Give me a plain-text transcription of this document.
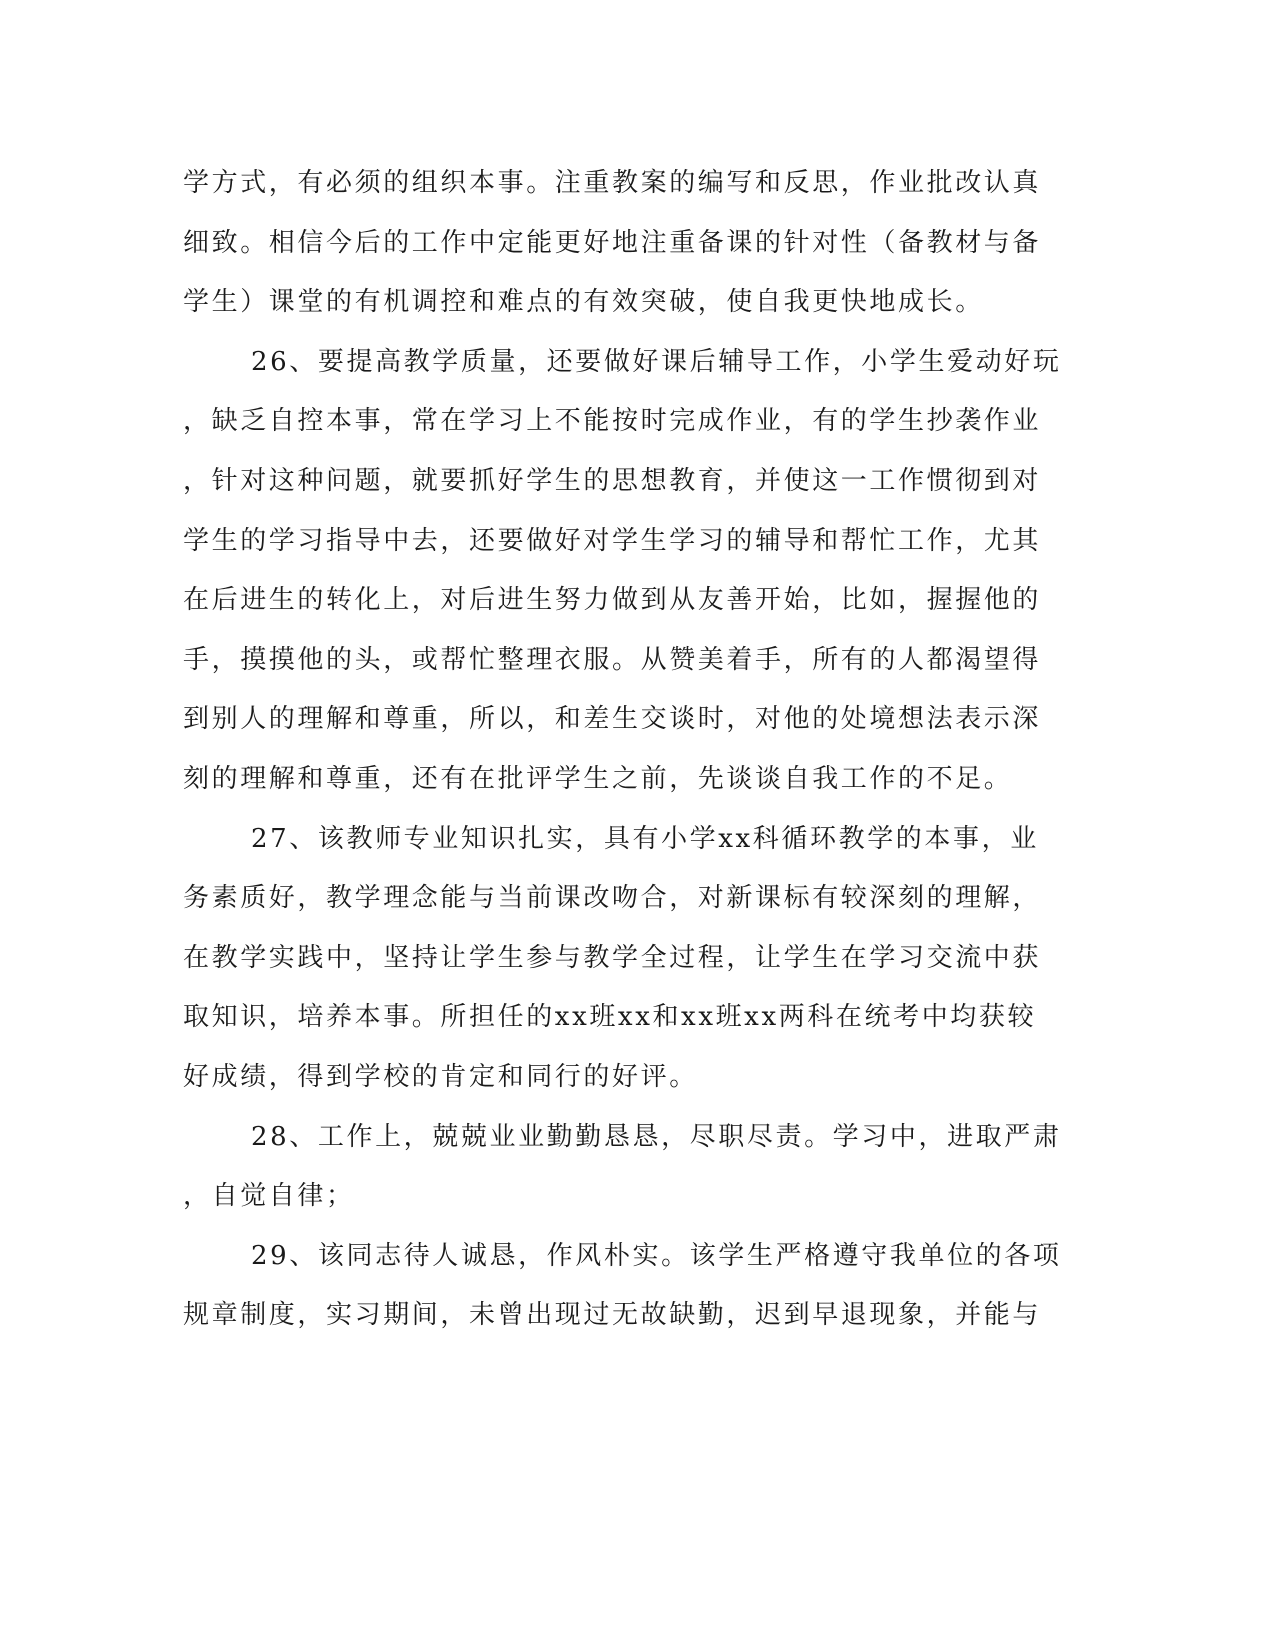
学方式，有必须的组织本事。注重教案的编写和反思，作业批改认真
细致。相信今后的工作中定能更好地注重备课的针对性（备教材与备
学生）课堂的有机调控和难点的有效突破，使自我更快地成长。
26、要提高教学质量，还要做好课后辅导工作，小学生爱动好玩
，缺乏自控本事，常在学习上不能按时完成作业，有的学生抄袭作业
，针对这种问题，就要抓好学生的思想教育，并使这一工作惯彻到对
学生的学习指导中去，还要做好对学生学习的辅导和帮忙工作，尤其
在后进生的转化上，对后进生努力做到从友善开始，比如，握握他的
手，摸摸他的头，或帮忙整理衣服。从赞美着手，所有的人都渴望得
到别人的理解和尊重，所以，和差生交谈时，对他的处境想法表示深
刻的理解和尊重，还有在批评学生之前，先谈谈自我工作的不足。
27、该教师专业知识扎实，具有小学xx科循环教学的本事，业
务素质好，教学理念能与当前课改吻合，对新课标有较深刻的理解，
在教学实践中，坚持让学生参与教学全过程，让学生在学习交流中获
取知识，培养本事。所担任的xx班xx和xx班xx两科在统考中均获较
好成绩，得到学校的肯定和同行的好评。
28、工作上，兢兢业业勤勤恳恳，尽职尽责。学习中，进取严肃
，自觉自律；
29、该同志待人诚恳，作风朴实。该学生严格遵守我单位的各项
规章制度，实习期间，未曾出现过无故缺勤，迟到早退现象，并能与
